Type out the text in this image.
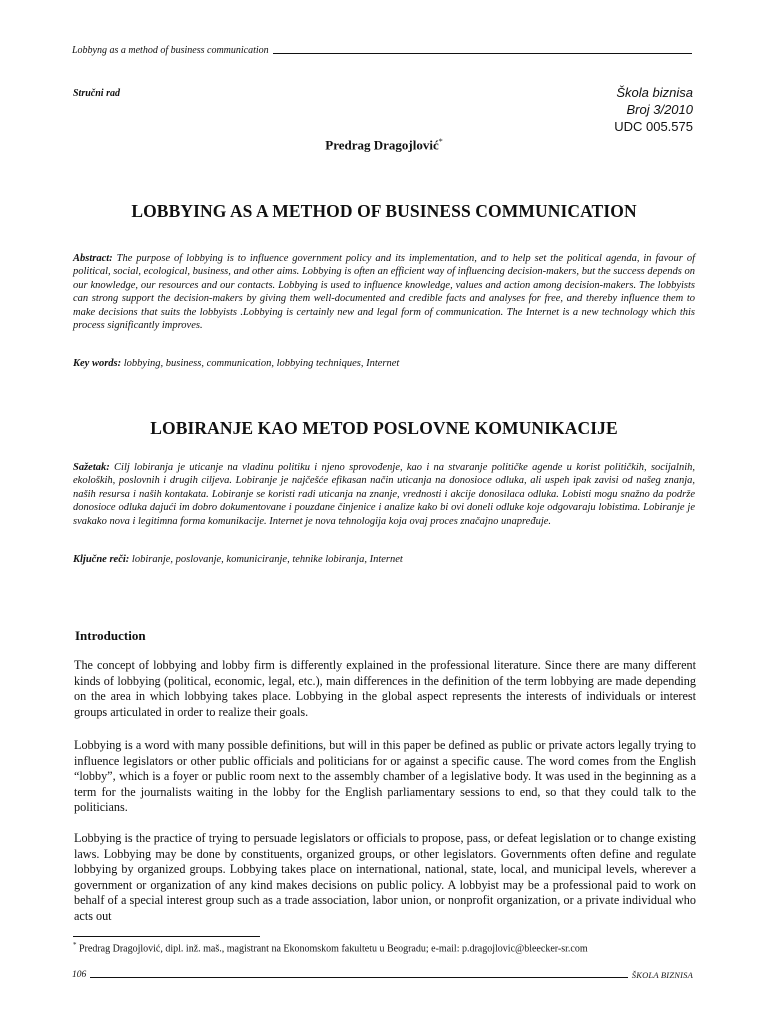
Lobbyng as a method of business communication
Stručni rad	Škola biznisa
Broj 3/2010
UDC 005.575
Predrag Dragojlović*
LOBBYING AS A METHOD OF BUSINESS COMMUNICATION
Abstract: The purpose of lobbying is to influence government policy and its implementation, and to help set the political agenda, in favour of political, social, ecological, business, and other aims. Lobbying is often an efficient way of influencing decision-makers, but the success depends on our knowledge, our resources and our contacts. Lobbying is used to influence knowledge, values and action among decision-makers. The lobbyists can strong support the decision-makers by giving them well-documented and credible facts and analyses for free, and thereby influence them to make decisions that suits the lobbyists .Lobbying is certainly new and legal form of communication. The Internet is a new technology which this process significantly improves.
Key words: lobbying, business, communication, lobbying techniques, Internet
LOBIRANJE KAO METOD POSLOVNE KOMUNIKACIJE
Sažetak: Cilj lobiranja je uticanje na vladinu politiku i njeno sprovođenje, kao i na stvaranje političke agende u korist političkih, socijalnih, ekoloških, poslovnih i drugih ciljeva. Lobiranje je najčešće efikasan način uticanja na donosioce odluka, ali uspeh ipak zavisi od našeg znanja, naših resursa i naših kontakata. Lobiranje se koristi radi uticanja na znanje, vrednosti i akcije donosilaca odluka. Lobisti mogu snažno da podrže donosioce odluka dajući im dobro dokumentovane i pouzdane činjenice i analize kako bi ovi doneli odluke koje odgovaraju lobistima. Lobiranje je svakako nova i legitimna forma komunikacije. Internet je nova tehnologija koja ovaj proces značajno unapređuje.
Ključne reči: lobiranje, poslovanje, komuniciranje, tehnike lobiranja, Internet
Introduction
The concept of lobbying and lobby firm is differently explained in the professional literature. Since there are many different kinds of lobbying (political, economic, legal, etc.), main differences in the definition of the term lobbying are made depending on the area in which lobbying takes place. Lobbying in the global aspect represents the interests of individuals or interest groups articulated in order to realize their goals.
Lobbying is a word with many possible definitions, but will in this paper be defined as public or private actors legally trying to influence legislators or other public officials and politicians for or against a specific cause. The word comes from the English “lobby”, which is a foyer or public room next to the assembly chamber of a legislative body. It was used in the beginning as a term for the journalists waiting in the lobby for the English parliamentary sessions to end, so that they could talk to the politicians.
Lobbying is the practice of trying to persuade legislators or officials to propose, pass, or defeat legislation or to change existing laws. Lobbying may be done by constituents, organized groups, or other legislators. Governments often define and regulate lobbying by organized groups. Lobbying takes place on international, national, state, local, and municipal levels, wherever a government or organization of any kind makes decisions on public policy. A lobbyist may be a professional paid to work on behalf of a special interest group such as a trade association, labor union, or nonprofit organization, or a private individual who acts out
* Predrag Dragojlović, dipl. inž. maš., magistrant na Ekonomskom fakultetu u Beogradu; e-mail: p.dragojlovic@bleecker-sr.com
106	ŠKOLA BIZNISA
